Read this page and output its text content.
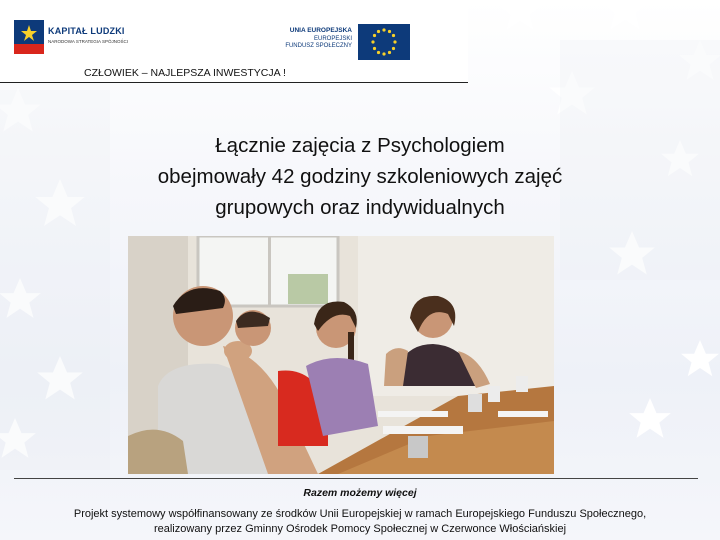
KAPITAŁ LUDZKI
NARODOWA STRATEGIA SPÓJNOŚCI
UNIA EUROPEJSKA
EUROPEJSKI
FUNDUSZ SPOŁECZNY
CZŁOWIEK – NAJLEPSZA INWESTYCJA !
Łącznie zajęcia z Psychologiem
obejmowały 42 godziny szkoleniowych zajęć
grupowych oraz indywidualnych
Razem możemy więcej
Projekt systemowy współfinansowany ze środków Unii Europejskiej w ramach Europejskiego Funduszu Społecznego,
realizowany przez Gminny Ośrodek Pomocy Społecznej w Czerwonce Włościańskiej
